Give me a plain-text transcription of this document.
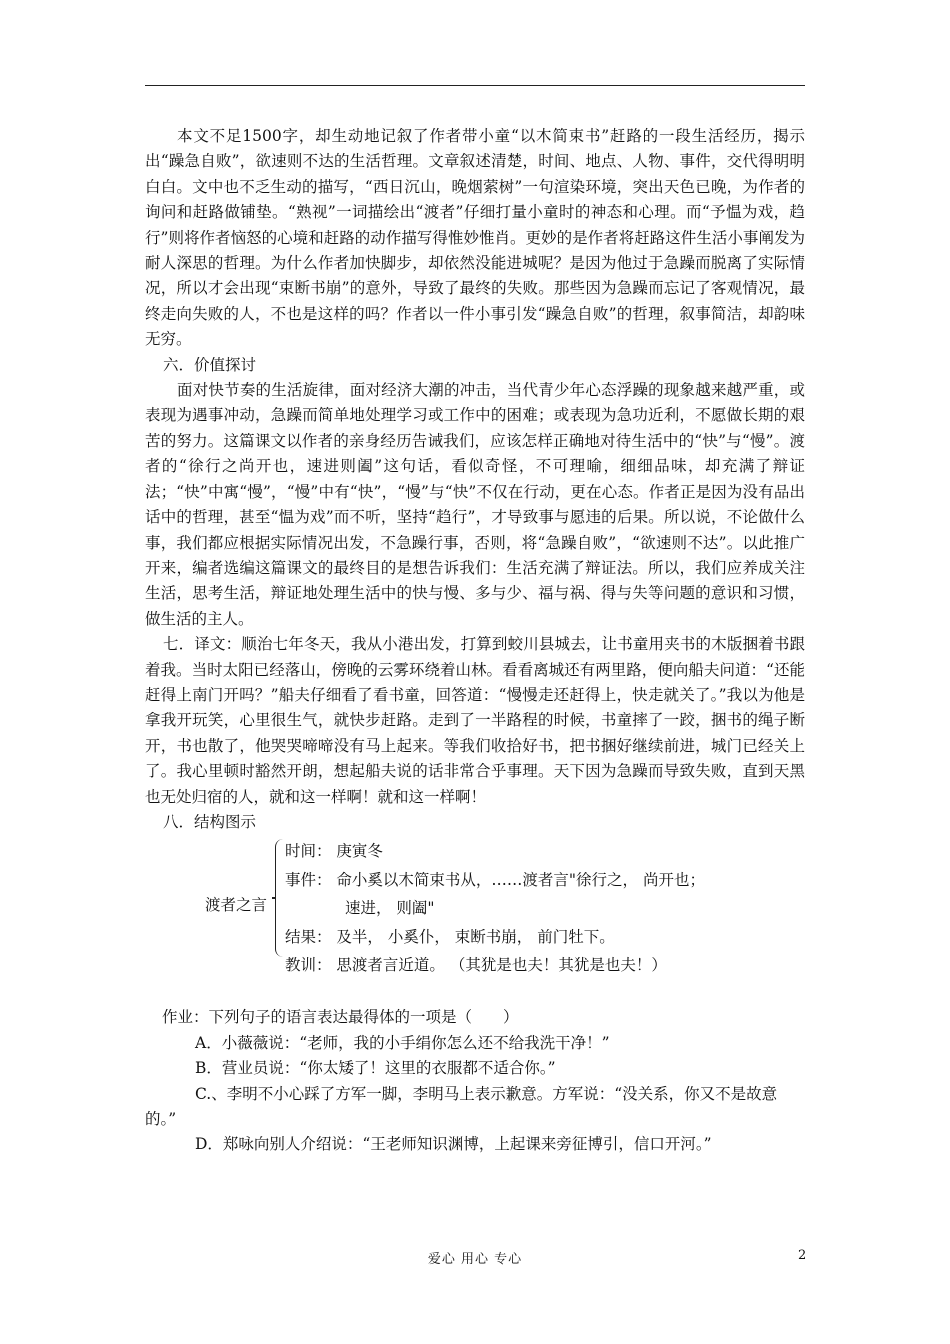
本文不足1500字，却生动地记叙了作者带小童“以木简束书”赶路的一段生活经历，揭示出“躁急自败”，欲速则不达的生活哲理。文章叙述清楚，时间、地点、人物、事件，交代得明明白白。文中也不乏生动的描写，“西日沉山，晚烟萦树”一句渲染环境，突出天色已晚，为作者的询问和赶路做铺垫。“熟视”一词描绘出“渡者”仔细打量小童时的神态和心理。而“予愠为戏，趋行”则将作者恼怒的心境和赶路的动作描写得惟妙惟肖。更妙的是作者将赶路这件生活小事阐发为耐人深思的哲理。为什么作者加快脚步，却依然没能进城呢？是因为他过于急躁而脱离了实际情况，所以才会出现“束断书崩”的意外，导致了最终的失败。那些因为急躁而忘记了客观情况，最终走向失败的人，不也是这样的吗？作者以一件小事引发“躁急自败”的哲理，叙事简洁，却韵味无穷。

六．价值探讨

面对快节奏的生活旋律，面对经济大潮的冲击，当代青少年心态浮躁的现象越来越严重，或表现为遇事冲动，急躁而简单地处理学习或工作中的困难；或表现为急功近利，不愿做长期的艰苦的努力。这篇课文以作者的亲身经历告诫我们，应该怎样正确地对待生活中的“快”与“慢”。渡者的“徐行之尚开也，速进则阖”这句话，看似奇怪，不可理喻，细细品味，却充满了辩证法；“快”中寓“慢”，“慢”中有“快”，“慢”与“快”不仅在行动，更在心态。作者正是因为没有品出话中的哲理，甚至“愠为戏”而不听，坚持“趋行”，才导致事与愿违的后果。所以说，不论做什么事，我们都应根据实际情况出发，不急躁行事，否则，将“急躁自败”，“欲速则不达”。以此推广开来，编者选编这篇课文的最终目的是想告诉我们：生活充满了辩证法。所以，我们应养成关注生活，思考生活，辩证地处理生活中的快与慢、多与少、福与祸、得与失等问题的意识和习惯，做生活的主人。

七．译文：顺治七年冬天，我从小港出发，打算到蛟川县城去，让书童用夹书的木版捆着书跟着我。当时太阳已经落山，傍晚的云雾环绕着山林。看看离城还有两里路，便向船夫问道：“还能赶得上南门开吗？”船夫仔细看了看书童，回答道：“慢慢走还赶得上，快走就关了。”我以为他是拿我开玩笑，心里很生气，就快步赶路。走到了一半路程的时候，书童摔了一跤，捆书的绳子断开，书也散了，他哭哭啼啼没有马上起来。等我们收拾好书，把书捆好继续前进，城门已经关上了。我心里顿时豁然开朗，想起船夫说的话非常合乎事理。天下因为急躁而导致失败，直到天黑也无处归宿的人，就和这一样啊！就和这一样啊！

八．结构图示

渡者之言
时间： 庚寅冬
事件： 命小奚以木简束书从，……渡者言"徐行之， 尚开也；
速进， 则阖"
结果： 及半， 小奚仆， 束断书崩， 前门牡下。
教训： 思渡者言近道。 （其犹是也夫！其犹是也夫！）

作业：下列句子的语言表达最得体的一项是（　　）

A．小薇薇说：“老师，我的小手绢你怎么还不给我洗干净！”

B．营业员说：“你太矮了！这里的衣服都不适合你。”

C.、李明不小心踩了方军一脚，李明马上表示歉意。方军说：“没关系，你又不是故意的。”

D．郑咏向别人介绍说：“王老师知识渊博，上起课来旁征博引，信口开河。”

爱心 用心 专心	2
